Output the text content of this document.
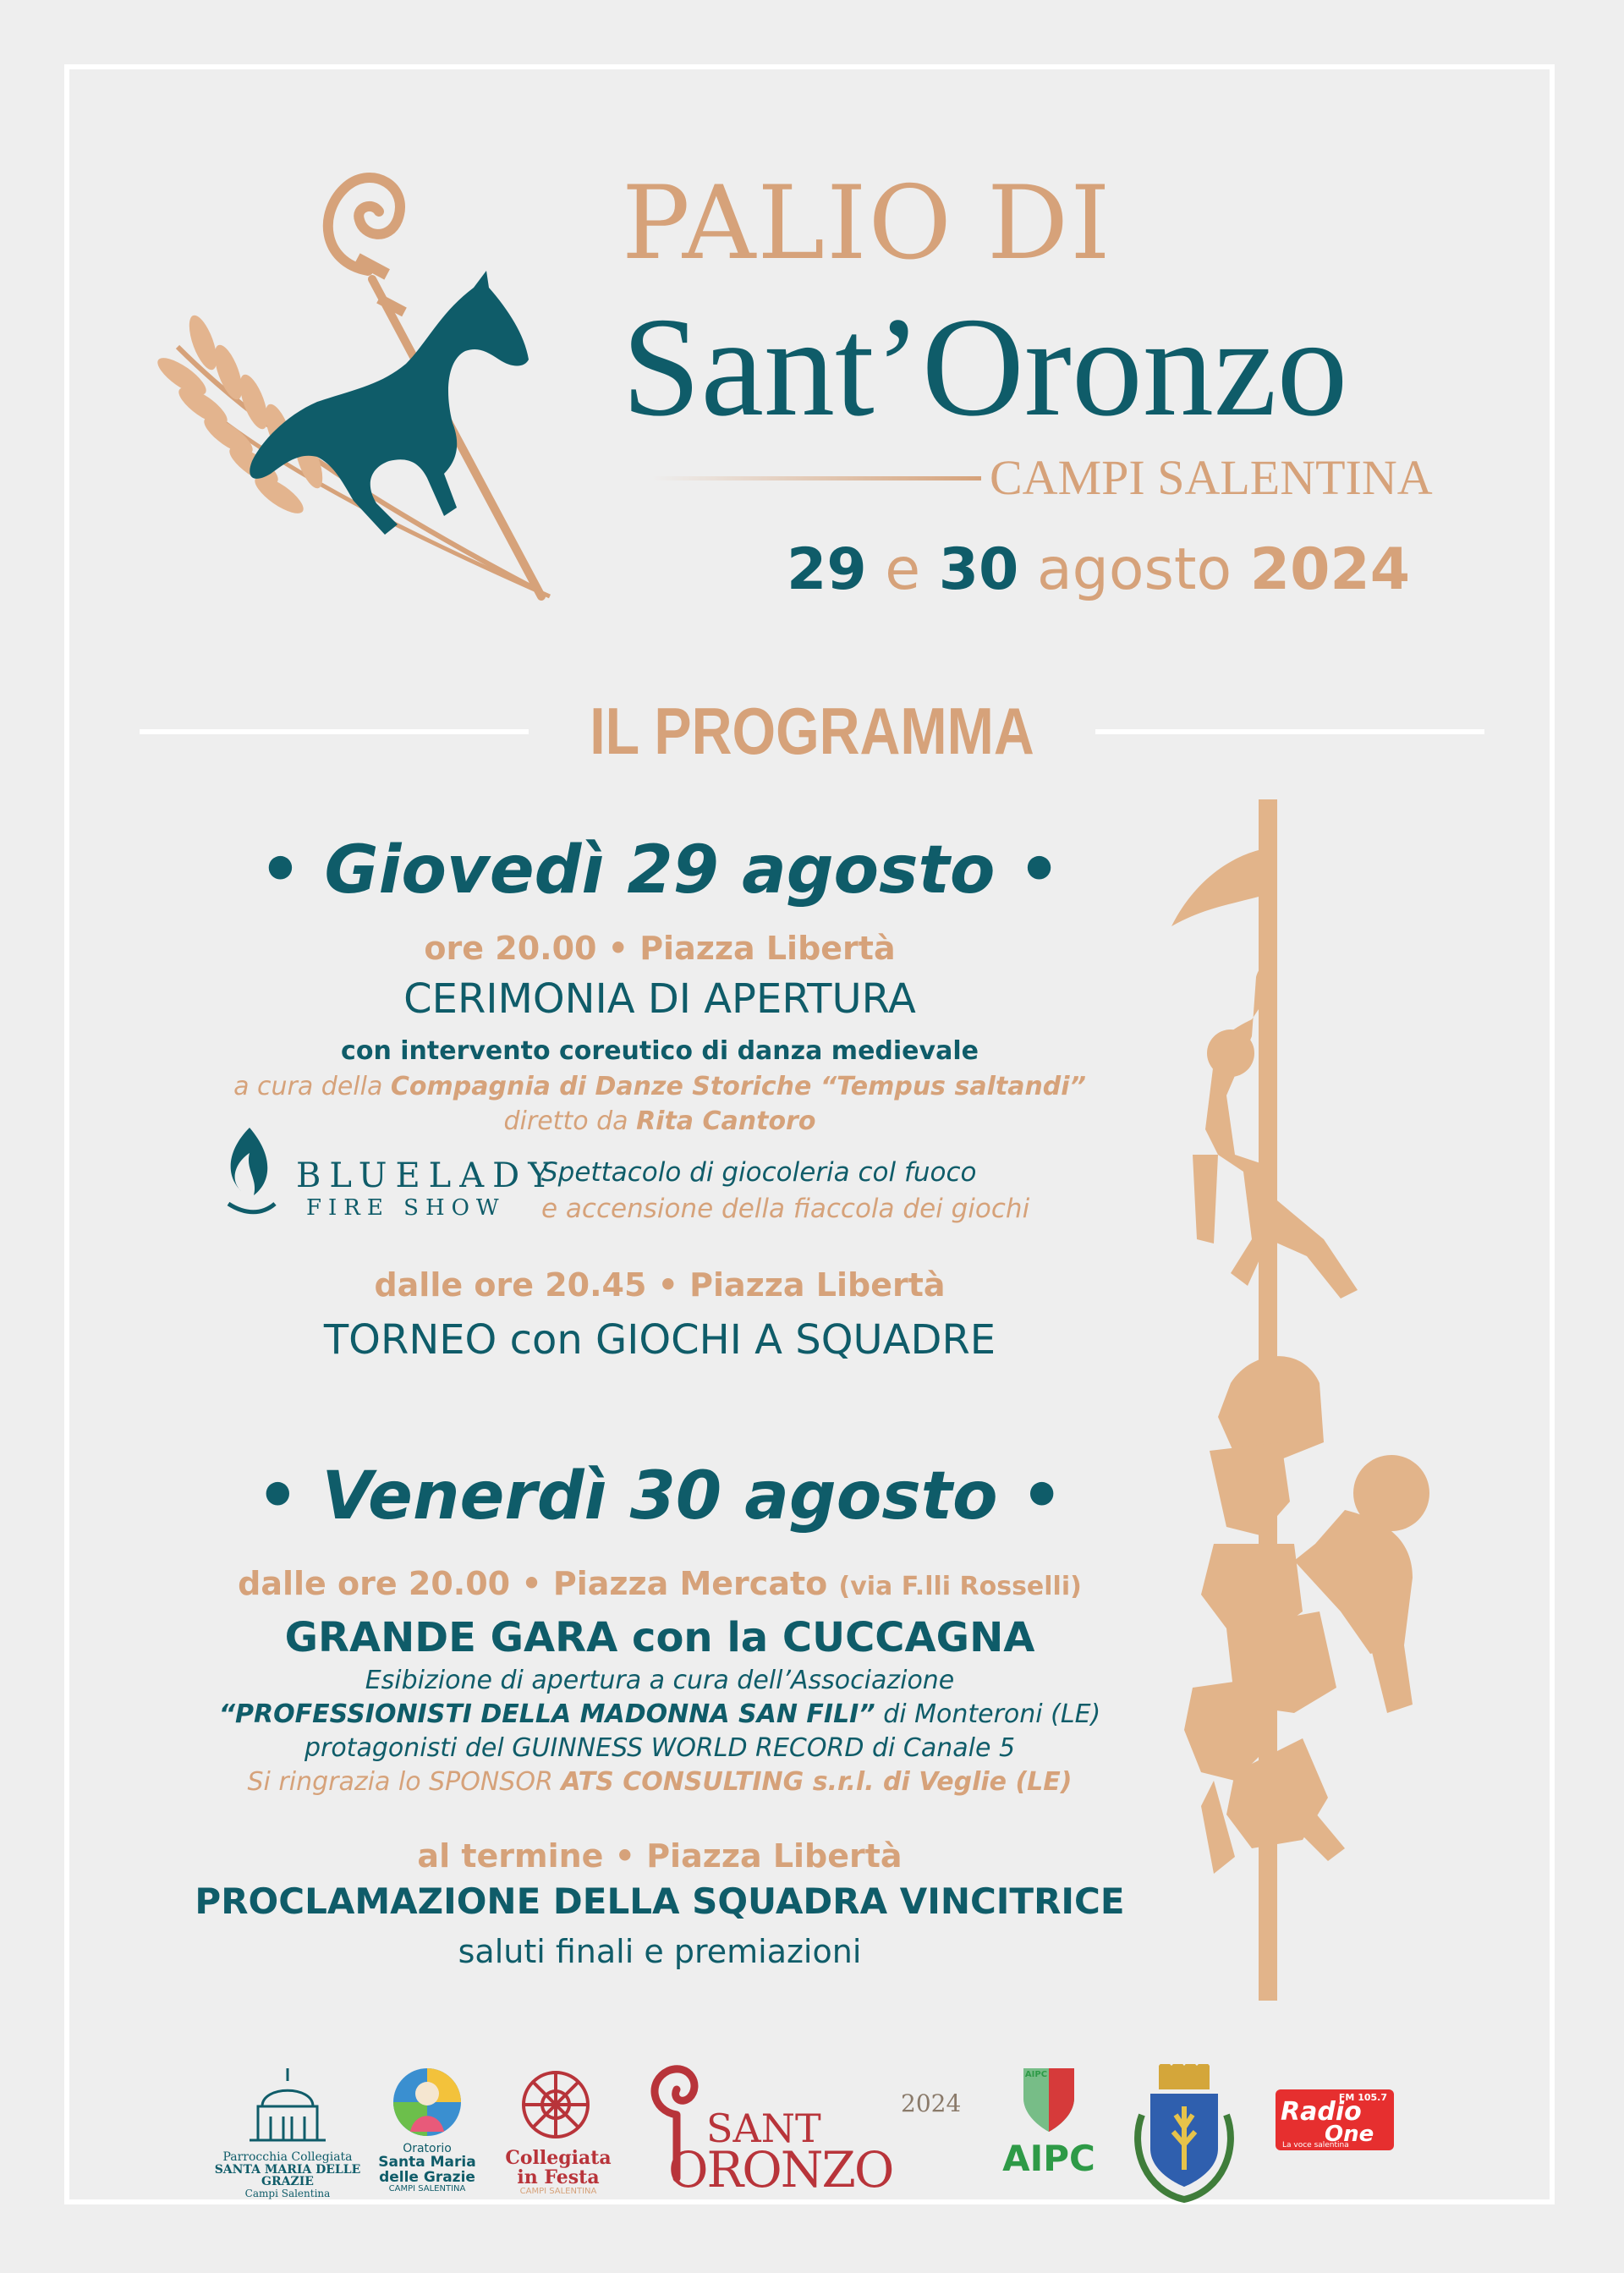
PALIO DI
Sant’Oronzo
CAMPI SALENTINA
29 e 30 agosto 2024
IL PROGRAMMA
• Giovedì 29 agosto •
ore 20.00 • Piazza Libertà
CERIMONIA DI APERTURA
con intervento coreutico di danza medievale
a cura della Compagnia di Danze Storiche “Tempus saltandi”
diretto da Rita Cantoro
BLUELADY
FIRE SHOW
Spettacolo di giocoleria col fuoco
e accensione della fiaccola dei giochi
dalle ore 20.45 • Piazza Libertà
TORNEO con GIOCHI A SQUADRE
• Venerdì 30 agosto •
dalle ore 20.00 • Piazza Mercato (via F.lli Rosselli)
GRANDE GARA con la CUCCAGNA
Esibizione di apertura a cura dell’Associazione
“PROFESSIONISTI DELLA MADONNA SAN FILI” di Monteroni (LE)
protagonisti del GUINNESS WORLD RECORD di Canale 5
Si ringrazia lo SPONSOR ATS CONSULTING s.r.l. di Veglie (LE)
al termine • Piazza Libertà
PROCLAMAZIONE DELLA SQUADRA VINCITRICE
saluti finali e premiazioni
Parrocchia Collegiata
SANTA MARIA DELLE GRAZIE
Campi Salentina
Oratorio
Santa Maria
delle Grazie
CAMPI SALENTINA
Collegiata
in Festa
CAMPI SALENTINA
SANT
2024
ORONZO
AIPC
AIPC
FM 105.7
Radio
One
La voce salentina
